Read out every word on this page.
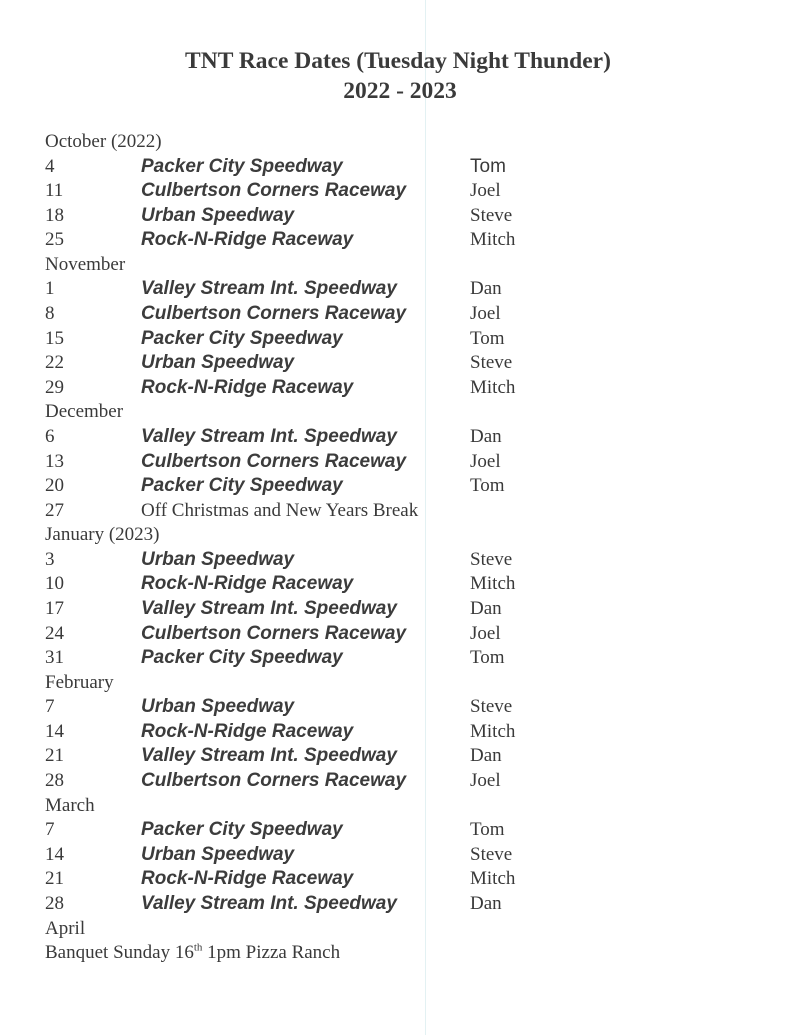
TNT Race Dates (Tuesday Night Thunder)
2022 - 2023
October (2022)
4	Packer City Speedway	Tom
11	Culbertson Corners Raceway	Joel
18	Urban Speedway	Steve
25	Rock-N-Ridge Raceway	Mitch
November
1	Valley Stream Int. Speedway	Dan
8	Culbertson Corners Raceway	Joel
15	Packer City Speedway	Tom
22	Urban Speedway	Steve
29	Rock-N-Ridge Raceway	Mitch
December
6	Valley Stream Int. Speedway	Dan
13	Culbertson Corners Raceway	Joel
20	Packer City Speedway	Tom
27	Off Christmas and New Years Break
January (2023)
3	Urban Speedway	Steve
10	Rock-N-Ridge Raceway	Mitch
17	Valley Stream Int. Speedway	Dan
24	Culbertson Corners Raceway	Joel
31	Packer City Speedway	Tom
February
7	Urban Speedway	Steve
14	Rock-N-Ridge Raceway	Mitch
21	Valley Stream Int. Speedway	Dan
28	Culbertson Corners Raceway	Joel
March
7	Packer City Speedway	Tom
14	Urban Speedway	Steve
21	Rock-N-Ridge Raceway	Mitch
28	Valley Stream Int. Speedway	Dan
April
Banquet Sunday 16th 1pm Pizza Ranch
